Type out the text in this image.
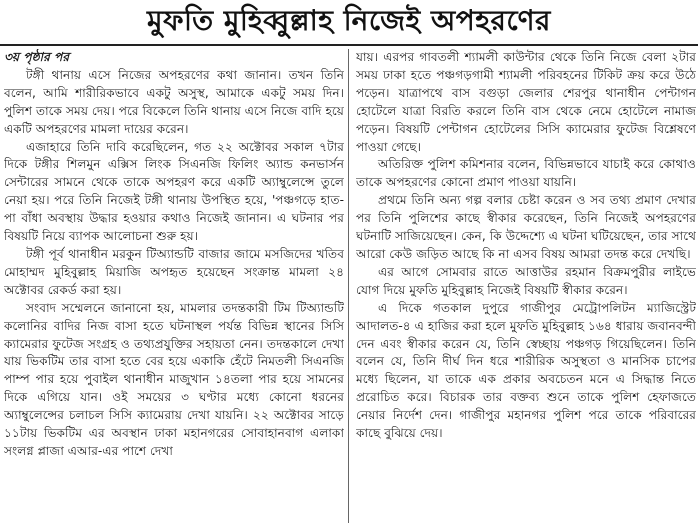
মুফতি মুহিব্বুল্লাহ নিজেই অপহরণের
৩য় পৃষ্ঠার পর

টঙ্গী থানায় এসে নিজের অপহরণের কথা জানান। তখন তিনি বলেন, আমি শারীরিকভাবে একটু অসুস্থ, আমাকে একটু সময় দিন। পুলিশ তাকে সময় দেয়। পরে বিকেলে তিনি থানায় এসে নিজে বাদি হয়ে একটি অপহরণের মামলা দায়ের করেন।

এজাহারে তিনি দাবি করেছিলেন, গত ২২ অক্টোবর সকাল ৭টার দিকে টঙ্গীর শিলমুন এক্সিস লিংক সিএনজি ফিলিং অ্যান্ড কনভার্সন সেন্টারের সামনে থেকে তাকে অপহরণ করে একটি অ্যাম্বুলেন্সে তুলে নেয়া হয়। পরে তিনি নিজেই টঙ্গী থানায় উপস্থিত হয়ে, 'পঞ্চগড়ে হাত-পা বাঁধা অবস্থায় উদ্ধার হওয়ার কথাও নিজেই জানান। এ ঘটনার পর বিষয়টি নিয়ে ব্যাপক আলোচনা শুরু হয়।

টঙ্গী পূর্ব থানাধীন মরকুন টিঅ্যান্ডটি বাজার জামে মসজিদের খতিব মোহাম্মদ মুহিবুল্লাহ মিয়াজি অপহৃত হয়েছেন সংক্রান্ত মামলা ২৪ অক্টোবর রেকর্ড করা হয়।

সংবাদ সম্মেলনে জানানো হয়, মামলার তদন্তকারী টিম টিঅ্যান্ডটি কলোনির বাদির নিজ বাসা হতে ঘটনাস্থল পর্যন্ত বিভিন্ন স্থানের সিসি ক্যামেরার ফুটেজ সংগ্রহ ও তথ্যপ্রযুক্তির সহায়তা নেন। তদন্তকালে দেখা যায় ভিকটিম তার বাসা হতে বের হয়ে একাকি হেঁটে নিমতলী সিএনজি পাম্প পার হয়ে পুবাইল থানাধীন মাজুখান ১৪তলা পার হয়ে সামনের দিকে এগিয়ে যান। ওই সময়ের ৩ ঘণ্টার মধ্যে কোনো ধরনের অ্যাম্বুলেন্সের চলাচল সিসি ক্যামেরায় দেখা যায়নি। ২২ অক্টোবর সাড়ে ১১টায় ভিকটিম এর অবস্থান ঢাকা মহানগরের সোবাহানবাগ এলাকা সংলগ্ন প্লাজা এআর-এর পাশে দেখা

যায়। এরপর গাবতলী শ্যামলী কাউন্টার থেকে তিনি নিজে বেলা ২টার সময় ঢাকা হতে পঞ্চগড়গামী শ্যামলী পরিবহনের টিকিট ক্রয় করে উঠে পড়েন। যাত্রাপথে বাস বগুড়া জেলার শেরপুর থানাধীন পেন্টাগন হোটেলে যাত্রা বিরতি করলে তিনি বাস থেকে নেমে হোটেলে নামাজ পড়েন। বিষয়টি পেন্টাগন হোটেলের সিসি ক্যামেরার ফুটেজ বিশ্লেষণে পাওয়া গেছে।

অতিরিক্ত পুলিশ কমিশনার বলেন, বিভিন্নভাবে যাচাই করে কোথাও তাকে অপহরণের কোনো প্রমাণ পাওয়া যায়নি।

প্রথমে তিনি অন্য গল্প বলার চেষ্টা করেন ও সব তথ্য প্রমাণ দেখার পর তিনি পুলিশের কাছে স্বীকার করেছেন, তিনি নিজেই অপহরণের ঘটনাটি সাজিয়েছেন। কেন, কি উদ্দেশ্যে এ ঘটনা ঘটিয়েছেন, তার সাথে আরো কেউ জড়িত আছে কি না এসব বিষয় আমরা তদন্ত করে দেখছি।

এর আগে সোমবার রাতে আত্তাউর রহমান বিক্রমপুরীর লাইভে যোগ দিয়ে মুফতি মুহিবুল্লাহ নিজেই বিষয়টি স্বীকার করেন।

এ দিকে গতকাল দুপুরে গাজীপুর মেট্রোপলিটন ম্যাজিস্ট্রেট আদালত-৪ এ হাজির করা হলে মুফতি মুহিবুল্লাহ ১৬৪ ধারায় জবানবন্দী দেন এবং স্বীকার করেন যে, তিনি স্বেচ্ছায় পঞ্চগড় গিয়েছিলেন। তিনি বলেন যে, তিনি দীর্ঘ দিন ধরে শারীরিক অসুস্থতা ও মানসিক চাপের মধ্যে ছিলেন, যা তাকে এক প্রকার অবচেতন মনে এ সিদ্ধান্ত নিতে প্ররোচিত করে। বিচারক তার বক্তব্য শুনে তাকে পুলিশ হেফাজতে নেয়ার নির্দেশ দেন। গাজীপুর মহানগর পুলিশ পরে তাকে পরিবারের কাছে বুঝিয়ে দেয়।
